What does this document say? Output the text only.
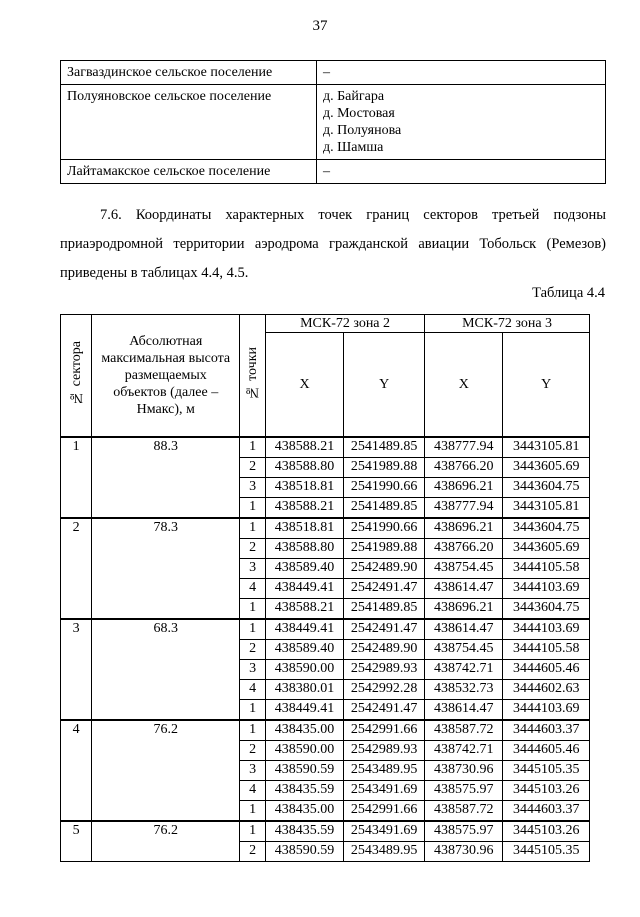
37
Загваздинское сельское поселение	–

Полуяновское сельское поселение	д. Байгара
д. Мостовая
д. Полуянова
д. Шамша

Лайтамакское сельское поселение	–
7.6. Координаты характерных точек границ секторов третьей подзоны
приаэродромной территории аэродрома гражданской авиации Тобольск (Ремезов)
приведены в таблицах 4.4, 4.5.
Таблица 4.4
№ сектора	Абсолютная максимальная высота размещаемых объектов (далее – Нмакс), м	№ точки	МСК-72 зона 2		МСК-72 зона 3	
			X	Y	X	Y
1	88.3	1	438588.21	2541489.85	438777.94	3443105.81
		2	438588.80	2541989.88	438766.20	3443605.69
		3	438518.81	2541990.66	438696.21	3443604.75
		1	438588.21	2541489.85	438777.94	3443105.81
2	78.3	1	438518.81	2541990.66	438696.21	3443604.75
		2	438588.80	2541989.88	438766.20	3443605.69
		3	438589.40	2542489.90	438754.45	3444105.58
		4	438449.41	2542491.47	438614.47	3444103.69
		1	438588.21	2541489.85	438696.21	3443604.75
3	68.3	1	438449.41	2542491.47	438614.47	3444103.69
		2	438589.40	2542489.90	438754.45	3444105.58
		3	438590.00	2542989.93	438742.71	3444605.46
		4	438380.01	2542992.28	438532.73	3444602.63
		1	438449.41	2542491.47	438614.47	3444103.69
4	76.2	1	438435.00	2542991.66	438587.72	3444603.37
		2	438590.00	2542989.93	438742.71	3444605.46
		3	438590.59	2543489.95	438730.96	3445105.35
		4	438435.59	2543491.69	438575.97	3445103.26
		1	438435.00	2542991.66	438587.72	3444603.37
5	76.2	1	438435.59	2543491.69	438575.97	3445103.26
		2	438590.59	2543489.95	438730.96	3445105.35
